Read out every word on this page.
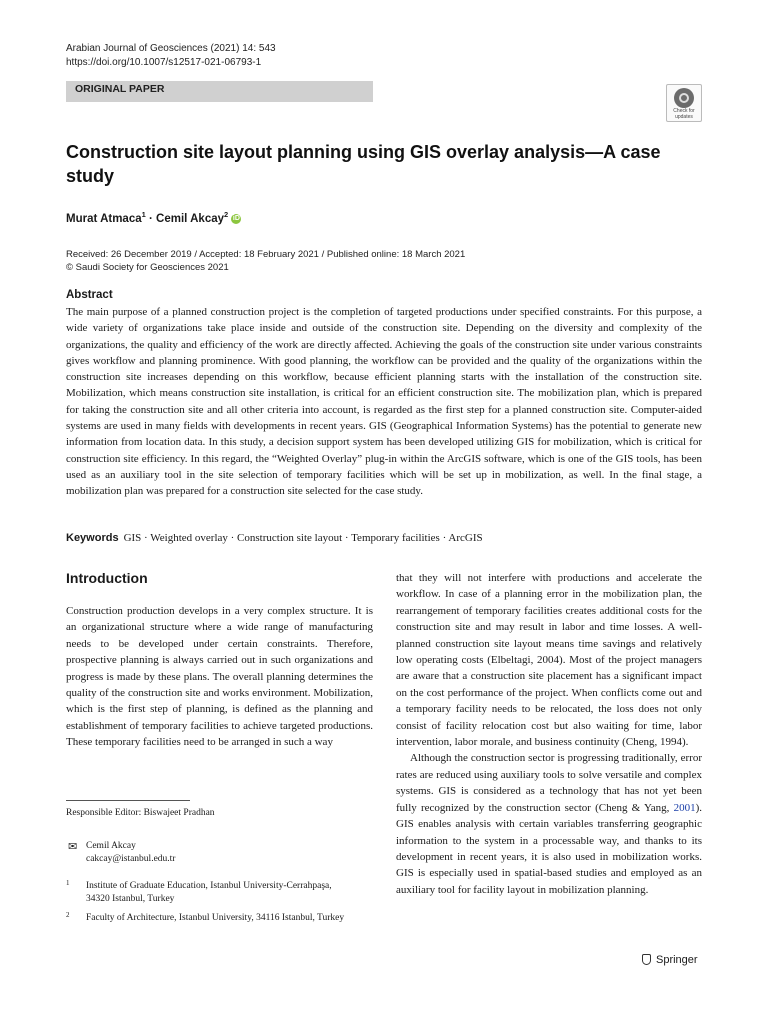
Arabian Journal of Geosciences (2021) 14: 543
https://doi.org/10.1007/s12517-021-06793-1
ORIGINAL PAPER
Check for updates
Construction site layout planning using GIS overlay analysis—A case study
Murat Atmaca$^1$ · Cemil Akcay$^2$ iD
Received: 26 December 2019 / Accepted: 18 February 2021 / Published online: 18 March 2021
© Saudi Society for Geosciences 2021
Abstract

The main purpose of a planned construction project is the completion of targeted productions under specified constraints. For this purpose, a wide variety of organizations take place inside and outside of the construction site. Depending on the diversity and complexity of the organizations, the quality and efficiency of the work are directly affected. Achieving the goals of the construction site under various constraints gives workflow and planning prominence. With good planning, the workflow can be provided and the quality of the organizations within the construction site increases depending on this workflow, because efficient planning starts with the installation of the construction site. Mobilization, which means construction site installation, is critical for an efficient construction site. The mobilization plan, which is prepared for taking the construction site and all other criteria into account, is regarded as the first step for a planned construction site. Computer-aided systems are used in many fields with developments in recent years. GIS (Geographical Information Systems) has the potential to generate new information from location data. In this study, a decision support system has been developed utilizing GIS for mobilization, which is critical for construction site efficiency. In this regard, the “Weighted Overlay” plug-in within the ArcGIS software, which is one of the GIS tools, has been used as an auxiliary tool in the site selection of temporary facilities which will be set up in mobilization, as well. In the final stage, a mobilization plan was prepared for a construction site selected for the case study.

Keywords GIS · Weighted overlay · Construction site layout · Temporary facilities · ArcGIS
Introduction

Construction production develops in a very complex structure. It is an organizational structure where a wide range of manufacturing needs to be developed under certain constraints. Therefore, prospective planning is always carried out in such organizations and progress is made by these plans. The overall planning determines the quality of the construction site and works environment. Mobilization, which is the first step of planning, is defined as the planning and establishment of temporary facilities to achieve targeted productions. These temporary facilities need to be arranged in such a way

that they will not interfere with productions and accelerate the workflow. In case of a planning error in the mobilization plan, the rearrangement of temporary facilities creates additional costs for the construction site and may result in labor and time losses. A well-planned construction site layout means time savings and relatively low operating costs (Elbeltagi, 2004). Most of the project managers are aware that a construction site placement has a significant impact on the cost performance of the project. When conflicts come out and a temporary facility needs to be relocated, the loss does not only consist of facility relocation cost but also waiting for time, labor intervention, labor morale, and business continuity (Cheng, 1994).

Although the construction sector is progressing traditionally, error rates are reduced using auxiliary tools to solve versatile and complex systems. GIS is considered as a technology that has not yet been fully recognized by the construction sector (Cheng & Yang, 2001). GIS enables analysis with certain variables transferring geographic information to the system in a processable way, and thanks to its development in recent years, it is also used in mobilization works. GIS is especially used in spatial-based studies and employed as an auxiliary tool for facility layout in mobilization planning.

Responsible Editor: Biswajeet Pradhan
✉ Cemil Akcay
cakcay@istanbul.edu.tr
1 Institute of Graduate Education, Istanbul University-Cerrahpaşa,
34320 Istanbul, Turkey
2 Faculty of Architecture, Istanbul University, 34116 Istanbul, Turkey
Springer
